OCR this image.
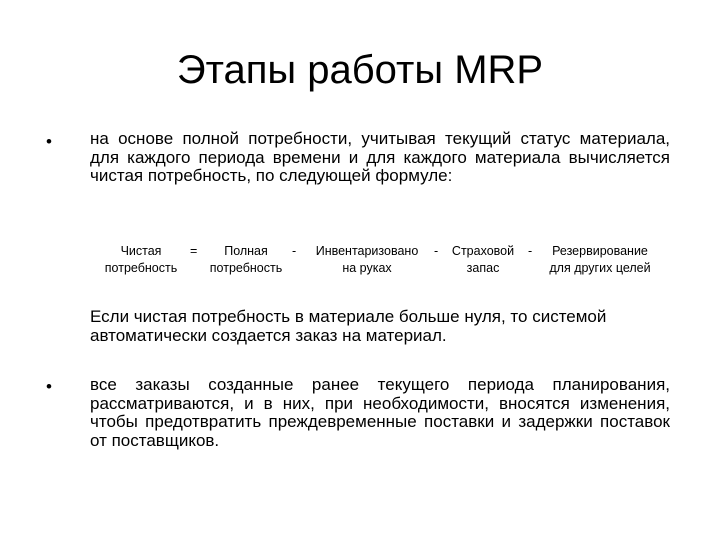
Этапы работы MRP
• на основе полной потребности, учитывая текущий статус материала, для каждого периода времени и для каждого материала вычисляется чистая потребность, по следующей формуле:
Чистая
потребность
=	Полная
потребность
-	Инвентаризовано
на руках
-	Страховой
запас
-	Резервирование
для других целей
Если чистая потребность в материале больше нуля, то системой автоматически создается заказ на материал.
• все заказы созданные ранее текущего периода планирования, рассматриваются, и в них, при необходимости, вносятся изменения, чтобы предотвратить преждевременные поставки и задержки поставок от поставщиков.
